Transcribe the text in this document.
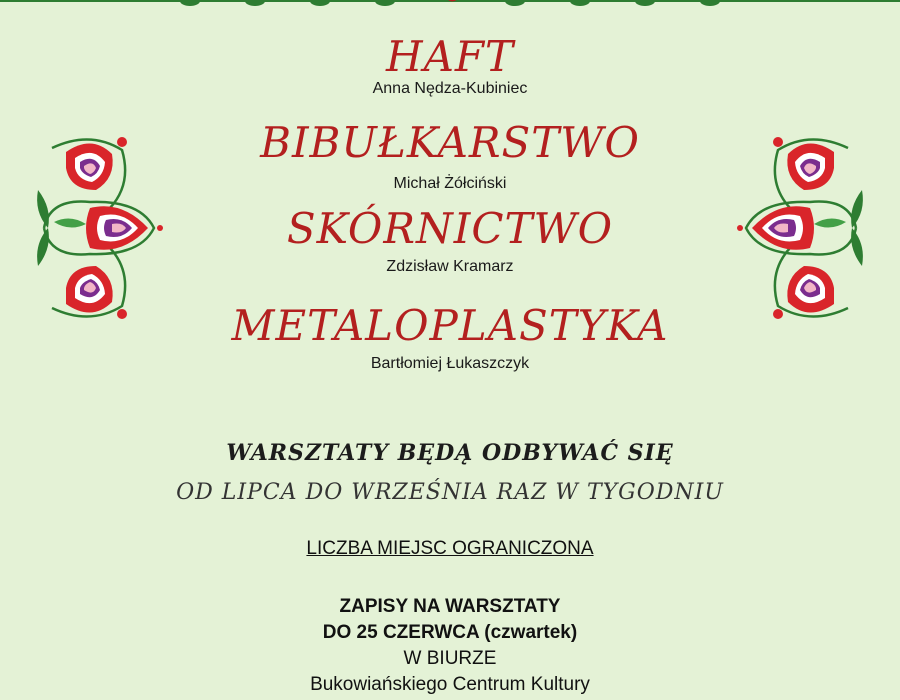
HAFT
Anna Nędza-Kubiniec
BIBUŁKARSTWO
Michał Żółciński
SKÓRNICTWO
Zdzisław Kramarz
METALOPLASTYKA
Bartłomiej Łukaszczyk
WARSZTATY BĘDĄ ODBYWAĆ SIĘ
OD LIPCA DO WRZEŚNIA RAZ W TYGODNIU
LICZBA MIEJSC OGRANICZONA
ZAPISY NA WARSZTATY
DO 25 CZERWCA (czwartek)
W BIURZE
Bukowiańskiego Centrum Kultury
